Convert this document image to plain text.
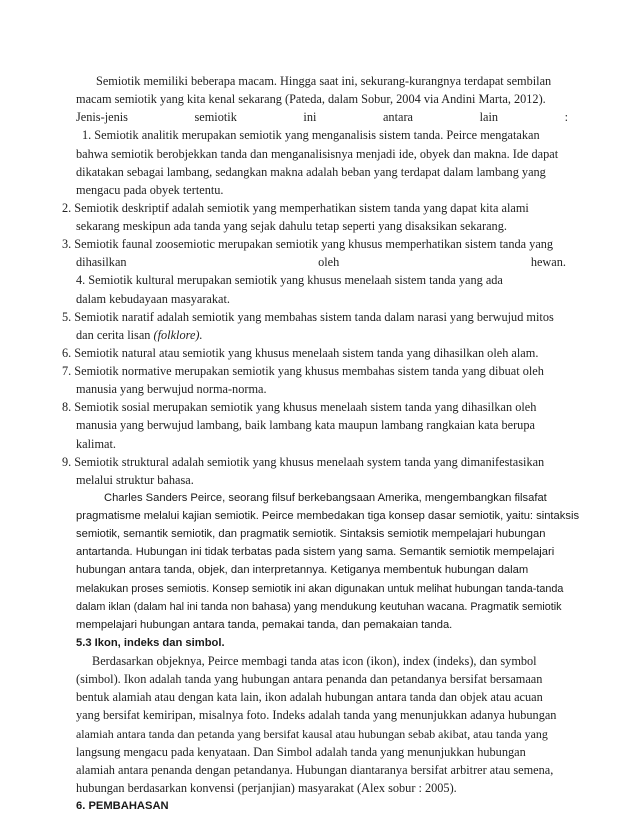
Semiotik memiliki beberapa macam. Hingga saat ini, sekurang-kurangnya terdapat sembilan
macam semiotik yang kita kenal sekarang (Pateda, dalam Sobur, 2004 via Andini Marta, 2012).
Jenis-jenis semiotik ini antara lain :
1. Semiotik analitik merupakan semiotik yang menganalisis sistem tanda. Peirce mengatakan
bahwa semiotik berobjekkan tanda dan menganalisisnya menjadi ide, obyek dan makna. Ide dapat
dikatakan sebagai lambang, sedangkan makna adalah beban yang terdapat dalam lambang yang
mengacu pada obyek tertentu.
2. Semiotik deskriptif adalah semiotik yang memperhatikan sistem tanda yang dapat kita alami
sekarang meskipun ada tanda yang sejak dahulu tetap seperti yang disaksikan sekarang.
3. Semiotik faunal zoosemiotic merupakan semiotik yang khusus memperhatikan sistem tanda yang
dihasilkan oleh hewan.
4. Semiotik kultural merupakan semiotik yang khusus menelaah sistem tanda yang ada
dalam kebudayaan masyarakat.
5. Semiotik naratif adalah semiotik yang membahas sistem tanda dalam narasi yang berwujud mitos
dan cerita lisan (folklore).
6. Semiotik natural atau semiotik yang khusus menelaah sistem tanda yang dihasilkan oleh alam.
7. Semiotik normative merupakan semiotik yang khusus membahas sistem tanda yang dibuat oleh
manusia yang berwujud norma-norma.
8. Semiotik sosial merupakan semiotik yang khusus menelaah sistem tanda yang dihasilkan oleh
manusia yang berwujud lambang, baik lambang kata maupun lambang rangkaian kata berupa
kalimat.
9. Semiotik struktural adalah semiotik yang khusus menelaah system tanda yang dimanifestasikan
melalui struktur bahasa.
Charles Sanders Peirce, seorang filsuf berkebangsaan Amerika, mengembangkan filsafat
pragmatisme melalui kajian semiotik. Peirce membedakan tiga konsep dasar semiotik, yaitu: sintaksis
semiotik, semantik semiotik, dan pragmatik semiotik. Sintaksis semiotik mempelajari hubungan
antartanda. Hubungan ini tidak terbatas pada sistem yang sama. Semantik semiotik mempelajari
hubungan antara tanda, objek, dan interpretannya. Ketiganya membentuk hubungan dalam
melakukan proses semiotis. Konsep semiotik ini akan digunakan untuk melihat hubungan tanda-tanda
dalam iklan (dalam hal ini tanda non bahasa) yang mendukung keutuhan wacana. Pragmatik semiotik
mempelajari hubungan antara tanda, pemakai tanda, dan pemakaian tanda.
5.3 Ikon, indeks dan simbol.
Berdasarkan objeknya, Peirce membagi tanda atas icon (ikon), index (indeks), dan symbol
(simbol). Ikon adalah tanda yang hubungan antara penanda dan petandanya bersifat bersamaan
bentuk alamiah atau dengan kata lain, ikon adalah hubungan antara tanda dan objek atau acuan
yang bersifat kemiripan, misalnya foto. Indeks adalah tanda yang menunjukkan adanya hubungan
alamiah antara tanda dan petanda yang bersifat kausal atau hubungan sebab akibat, atau tanda yang
langsung mengacu pada kenyataan. Dan Simbol adalah tanda yang menunjukkan hubungan
alamiah antara penanda dengan petandanya. Hubungan diantaranya bersifat arbitrer atau semena,
hubungan berdasarkan konvensi (perjanjian) masyarakat (Alex sobur : 2005).
6. PEMBAHASAN
